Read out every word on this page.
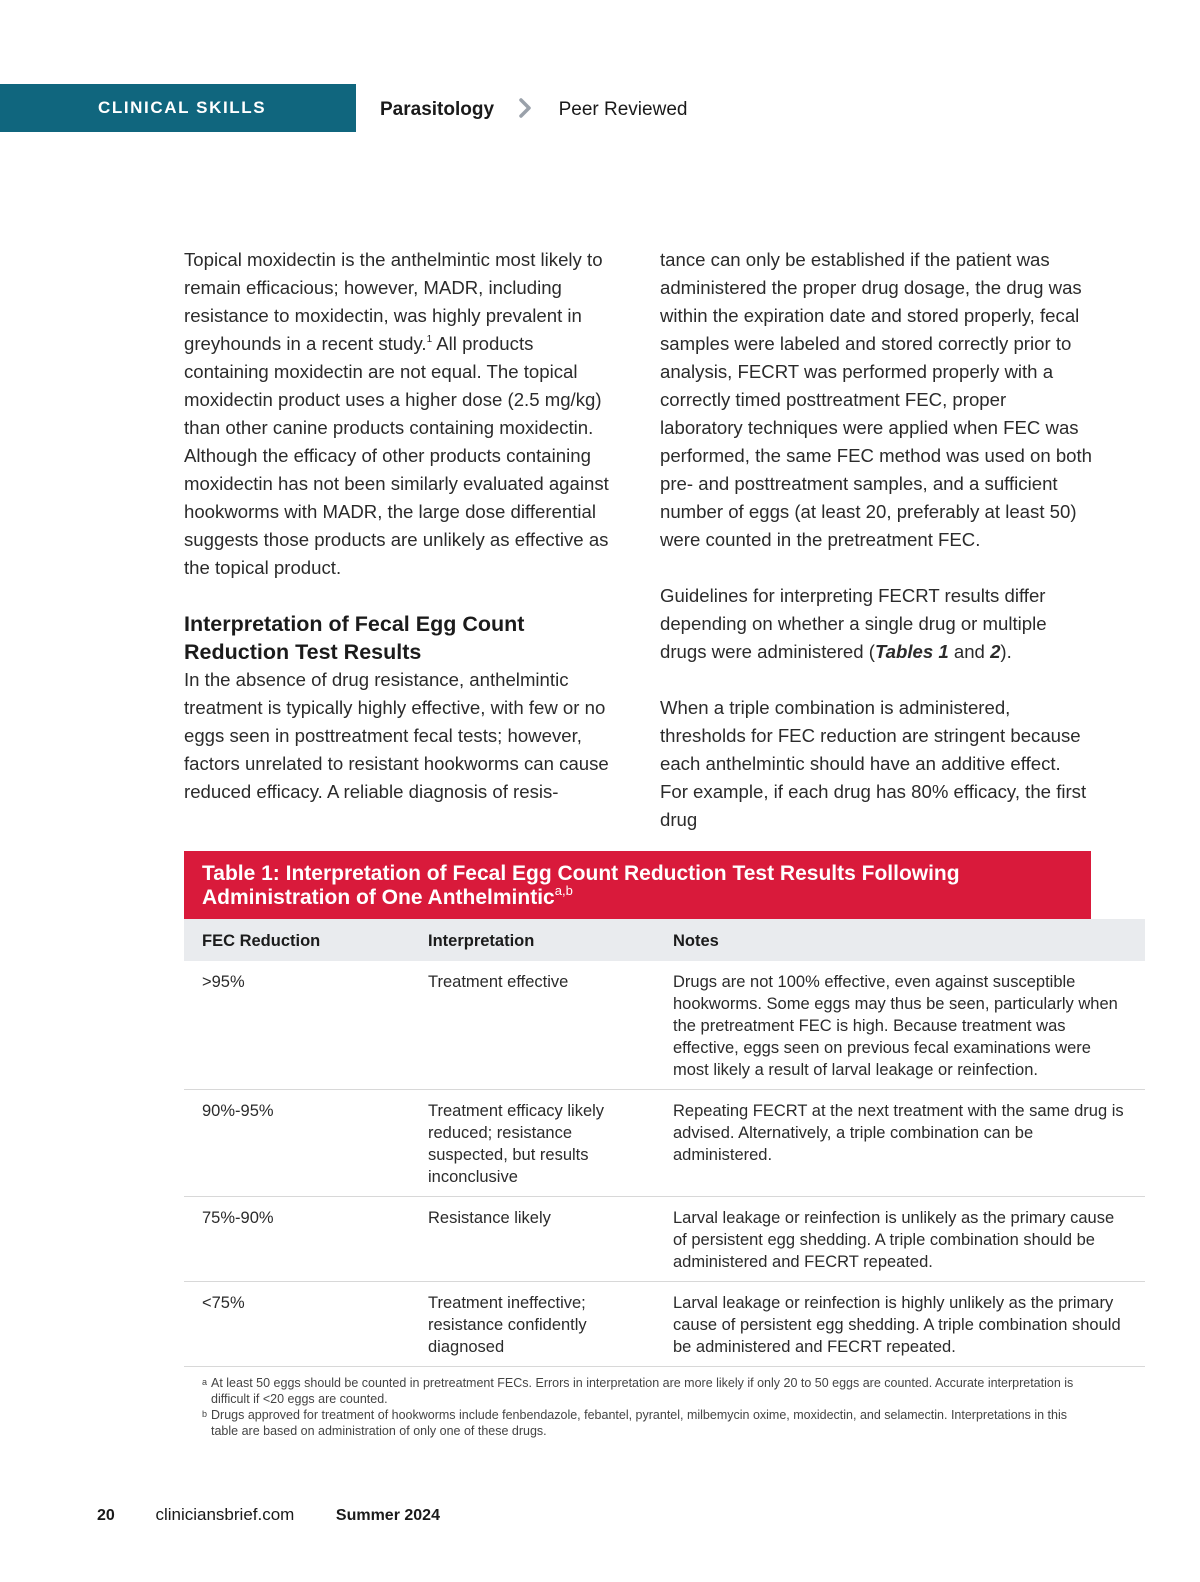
CLINICAL SKILLS	Parasitology	Peer Reviewed

Topical moxidectin is the anthelmintic most likely to remain efficacious; however, MADR, including resistance to moxidectin, was highly prevalent in greyhounds in a recent study.$^1$ All products containing moxidectin are not equal. The topical moxidectin product uses a higher dose (2.5 mg/kg) than other canine products containing moxidectin. Although the efficacy of other products containing moxidectin has not been similarly evaluated against hookworms with MADR, the large dose differential suggests those products are unlikely as effective as the topical product.

Interpretation of Fecal Egg Count Reduction Test Results

In the absence of drug resistance, anthelmintic treatment is typically highly effective, with few or no eggs seen in posttreatment fecal tests; however, factors unrelated to resistant hookworms can cause reduced efficacy. A reliable diagnosis of resis-

tance can only be established if the patient was administered the proper drug dosage, the drug was within the expiration date and stored properly, fecal samples were labeled and stored correctly prior to analysis, FECRT was performed properly with a correctly timed posttreatment FEC, proper laboratory techniques were applied when FEC was performed, the same FEC method was used on both pre- and posttreatment samples, and a sufficient number of eggs (at least 20, preferably at least 50) were counted in the pretreatment FEC.

Guidelines for interpreting FECRT results differ depending on whether a single drug or multiple drugs were administered (Tables 1 and 2).

When a triple combination is administered, thresholds for FEC reduction are stringent because each anthelmintic should have an additive effect. For example, if each drug has 80% efficacy, the first drug

Table 1: Interpretation of Fecal Egg Count Reduction Test Results Following Administration of One Anthelmintic$^{a,b}$
FEC Reduction	Interpretation	Notes
>95%	Treatment effective	Drugs are not 100% effective, even against susceptible hookworms. Some eggs may thus be seen, particularly when the pretreatment FEC is high. Because treatment was effective, eggs seen on previous fecal examinations were most likely a result of larval leakage or reinfection.
90%-95%	Treatment efficacy likely reduced; resistance suspected, but results inconclusive	Repeating FECRT at the next treatment with the same drug is advised. Alternatively, a triple combination can be administered.
75%-90%	Resistance likely	Larval leakage or reinfection is unlikely as the primary cause of persistent egg shedding. A triple combination should be administered and FECRT repeated.
<75%	Treatment ineffective; resistance confidently diagnosed	Larval leakage or reinfection is highly unlikely as the primary cause of persistent egg shedding. A triple combination should be administered and FECRT repeated.
a At least 50 eggs should be counted in pretreatment FECs. Errors in interpretation are more likely if only 20 to 50 eggs are counted. Accurate interpretation is difficult if <20 eggs are counted.
b Drugs approved for treatment of hookworms include fenbendazole, febantel, pyrantel, milbemycin oxime, moxidectin, and selamectin. Interpretations in this table are based on administration of only one of these drugs.
20 cliniciansbrief.com	Summer 2024
